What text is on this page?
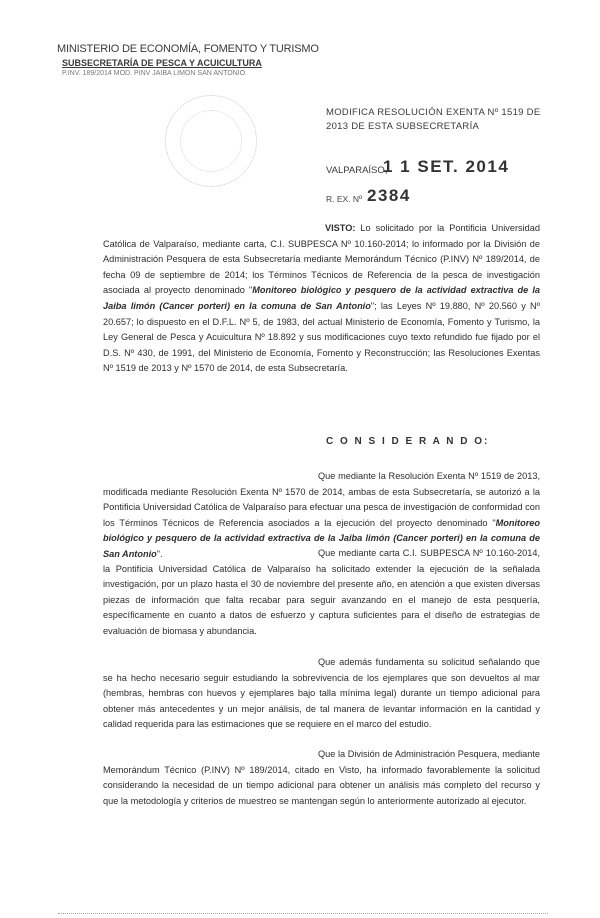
MINISTERIO DE ECONOMÍA, FOMENTO Y TURISMO
SUBSECRETARÍA DE PESCA Y ACUICULTURA
P.INV. 189/2014 MOD. PINV JAIBA LIMON SAN ANTONIO
MODIFICA RESOLUCIÓN EXENTA Nº 1519 DE 2013 DE ESTA SUBSECRETARÍA
VALPARAÍSO,
1 1 SET. 2014
R. EX. Nº 2384
VISTO: Lo solicitado por la Pontificia Universidad Católica de Valparaíso, mediante carta, C.I. SUBPESCA Nº 10.160-2014; lo informado por la División de Administración Pesquera de esta Subsecretaría mediante Memorándum Técnico (P.INV) Nº 189/2014, de fecha 09 de septiembre de 2014; los Términos Técnicos de Referencia de la pesca de investigación asociada al proyecto denominado "Monitoreo biológico y pesquero de la actividad extractiva de la Jaiba limón (Cancer porteri) en la comuna de San Antonio"; las Leyes Nº 19.880, Nº 20.560 y Nº 20.657; lo dispuesto en el D.F.L. Nº 5, de 1983, del actual Ministerio de Economía, Fomento y Turismo, la Ley General de Pesca y Acuicultura Nº 18.892 y sus modificaciones cuyo texto refundido fue fijado por el D.S. Nº 430, de 1991, del Ministerio de Economía, Fomento y Reconstrucción; las Resoluciones Exentas Nº 1519 de 2013 y Nº 1570 de 2014, de esta Subsecretaría.
C O N S I D E R A N D O:
Que mediante la Resolución Exenta Nº 1519 de 2013, modificada mediante Resolución Exenta Nº 1570 de 2014, ambas de esta Subsecretaría, se autorizó a la Pontificia Universidad Católica de Valparaíso para efectuar una pesca de investigación de conformidad con los Términos Técnicos de Referencia asociados a la ejecución del proyecto denominado "Monitoreo biológico y pesquero de la actividad extractiva de la Jaiba limón (Cancer porteri) en la comuna de San Antonio".	Que mediante carta C.I. SUBPESCA Nº 10.160-2014, la Pontificia Universidad Católica de Valparaíso ha solicitado extender la ejecución de la señalada investigación, por un plazo hasta el 30 de noviembre del presente año, en atención a que existen diversas piezas de información que falta recabar para seguir avanzando en el manejo de esta pesquería, específicamente en cuanto a datos de esfuerzo y captura suficientes para el diseño de estrategias de evaluación de biomasa y abundancia.
Que además fundamenta su solicitud señalando que se ha hecho necesario seguir estudiando la sobrevivencia de los ejemplares que son devueltos al mar (hembras, hembras con huevos y ejemplares bajo talla mínima legal) durante un tiempo adicional para obtener más antecedentes y un mejor análisis, de tal manera de levantar información en la cantidad y calidad requerida para las estimaciones que se requiere en el marco del estudio.
Que la División de Administración Pesquera, mediante Memorándum Técnico (P.INV) Nº 189/2014, citado en Visto, ha informado favorablemente la solicitud considerando la necesidad de un tiempo adicional para obtener un análisis más completo del recurso y que la metodología y criterios de muestreo se mantengan según lo anteriormente autorizado al ejecutor.
